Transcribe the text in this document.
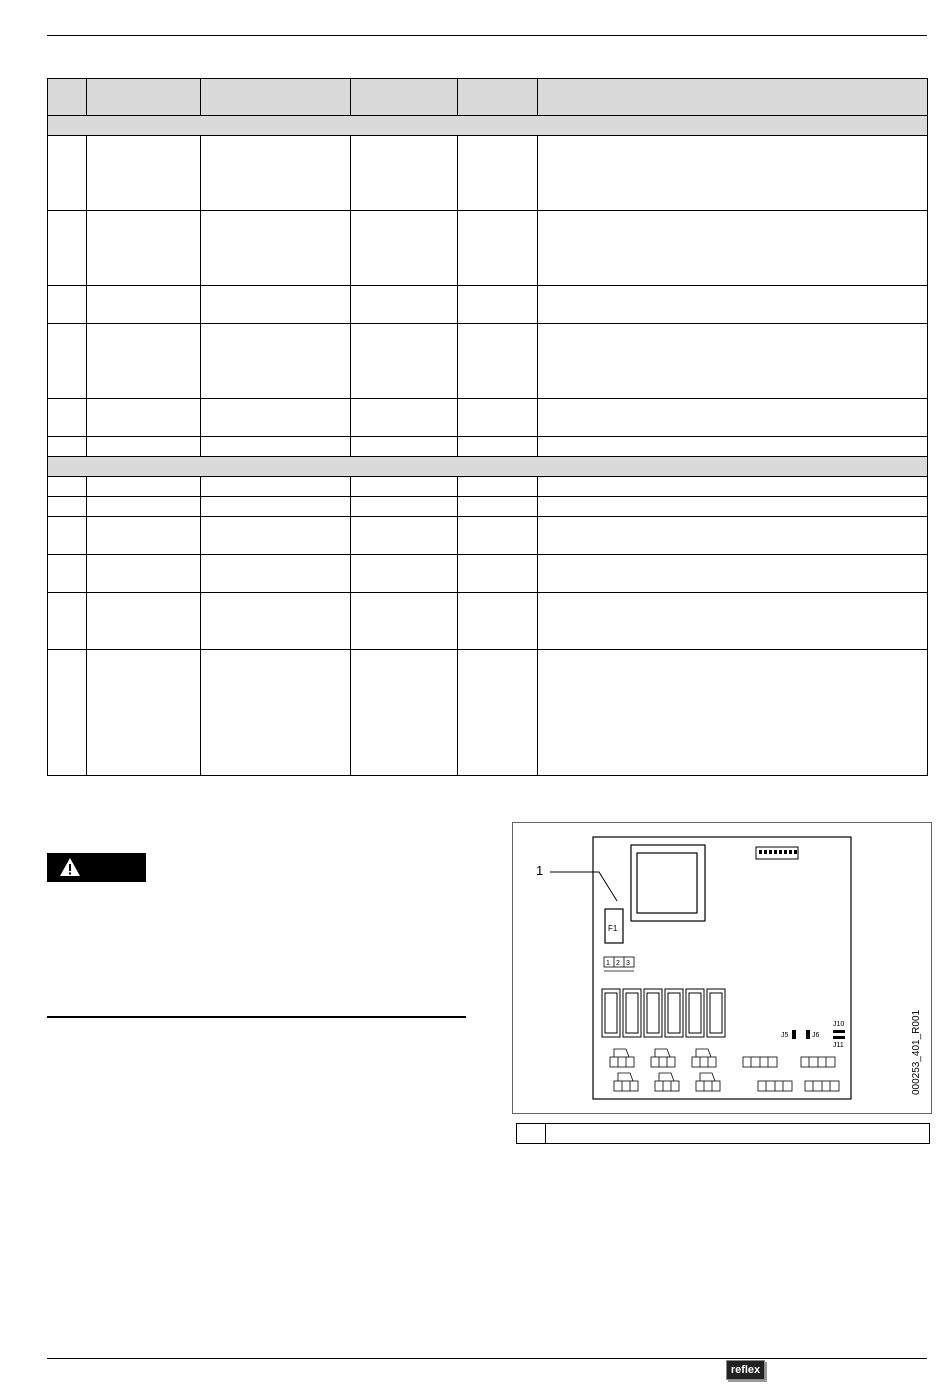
1
F1
1 2 3
J5	J6
J10
J11	000253_401_R001
reflex
